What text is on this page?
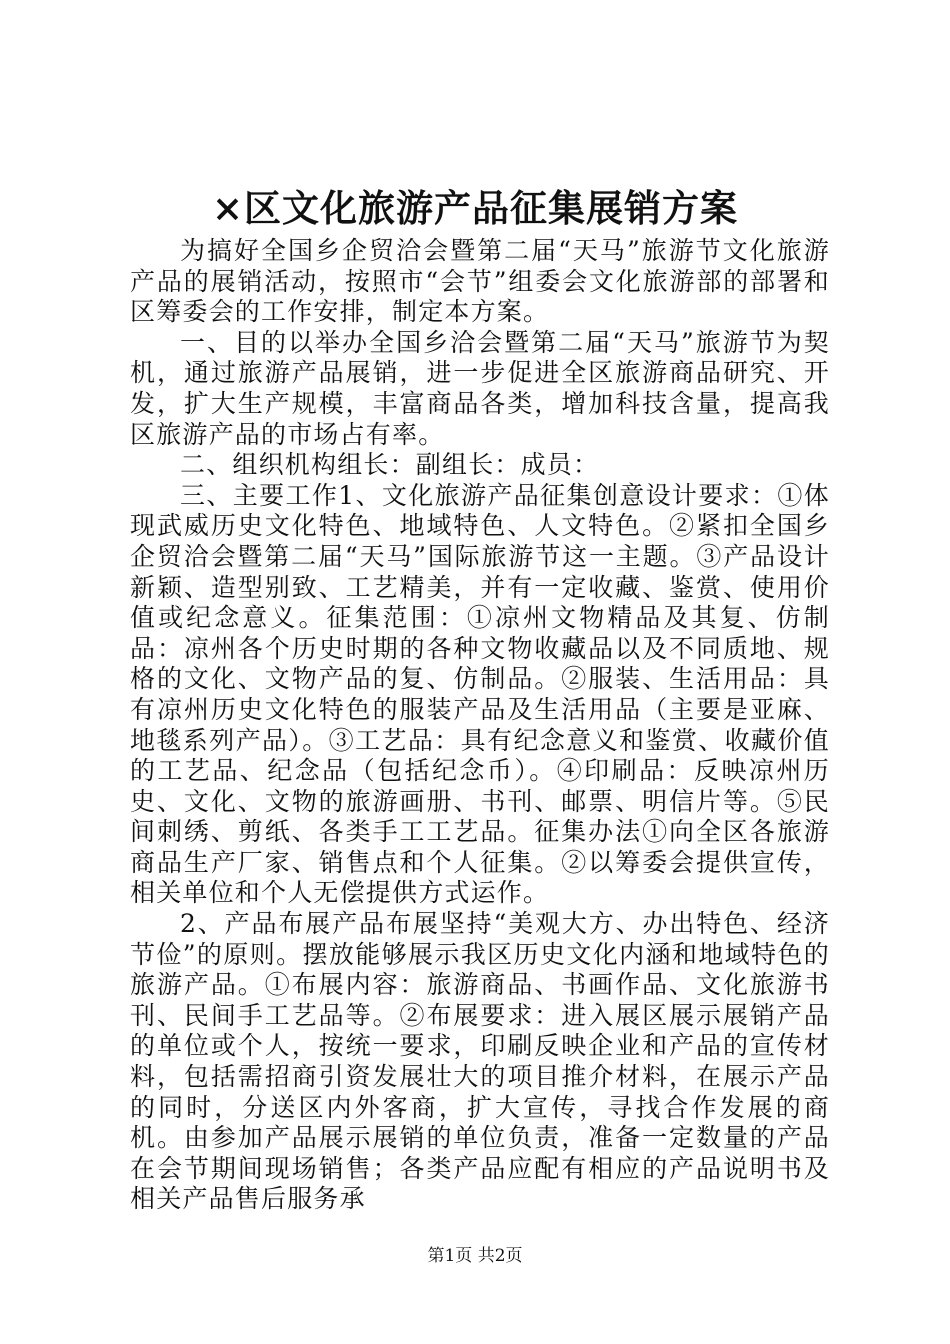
×区文化旅游产品征集展销方案

为搞好全国乡企贸洽会暨第二届“天马”旅游节文化旅游产品的展销活动，按照市“会节”组委会文化旅游部的部署和区筹委会的工作安排，制定本方案。

一、目的以举办全国乡洽会暨第二届“天马”旅游节为契机，通过旅游产品展销，进一步促进全区旅游商品研究、开发，扩大生产规模，丰富商品各类，增加科技含量，提高我区旅游产品的市场占有率。

二、组织机构组长：副组长：成员：

三、主要工作1、文化旅游产品征集创意设计要求：①体现武威历史文化特色、地域特色、人文特色。②紧扣全国乡企贸洽会暨第二届“天马”国际旅游节这一主题。③产品设计新颖、造型别致、工艺精美，并有一定收藏、鉴赏、使用价值或纪念意义。征集范围：①凉州文物精品及其复、仿制品：凉州各个历史时期的各种文物收藏品以及不同质地、规格的文化、文物产品的复、仿制品。②服装、生活用品：具有凉州历史文化特色的服装产品及生活用品（主要是亚麻、地毯系列产品）。③工艺品：具有纪念意义和鉴赏、收藏价值的工艺品、纪念品（包括纪念币）。④印刷品：反映凉州历史、文化、文物的旅游画册、书刊、邮票、明信片等。⑤民间刺绣、剪纸、各类手工工艺品。征集办法①向全区各旅游商品生产厂家、销售点和个人征集。②以筹委会提供宣传，相关单位和个人无偿提供方式运作。

2、产品布展产品布展坚持“美观大方、办出特色、经济节俭”的原则。摆放能够展示我区历史文化内涵和地域特色的旅游产品。①布展内容：旅游商品、书画作品、文化旅游书刊、民间手工艺品等。②布展要求：进入展区展示展销产品的单位或个人，按统一要求，印刷反映企业和产品的宣传材料，包括需招商引资发展壮大的项目推介材料，在展示产品的同时，分送区内外客商，扩大宣传，寻找合作发展的商机。由参加产品展示展销的单位负责，准备一定数量的产品在会节期间现场销售；各类产品应配有相应的产品说明书及相关产品售后服务承

第1页 共2页
